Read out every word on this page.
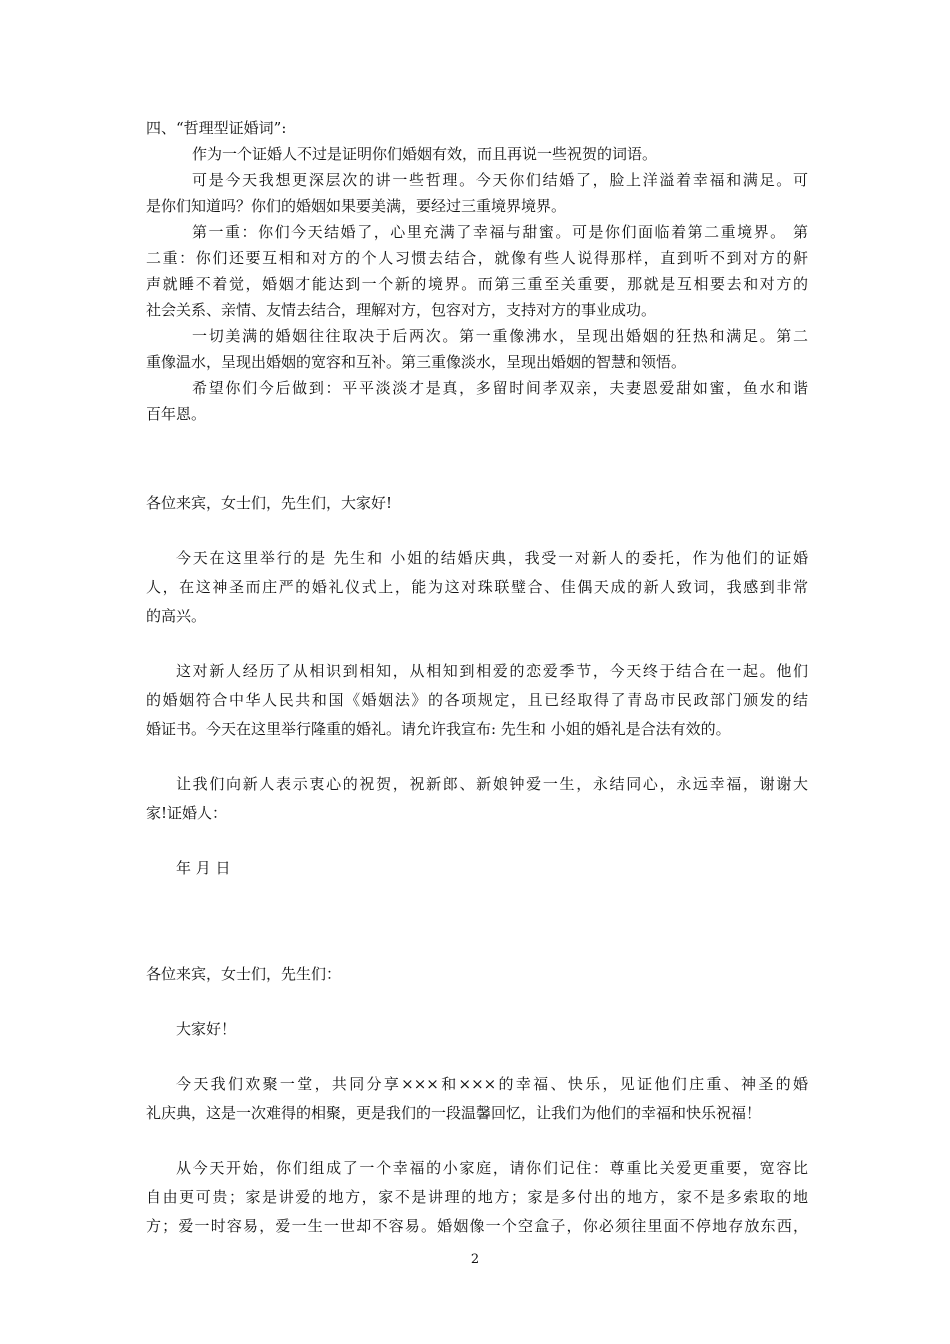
四、“哲理型证婚词”:
作为一个证婚人不过是证明你们婚姻有效，而且再说一些祝贺的词语。
可是今天我想更深层次的讲一些哲理。今天你们结婚了，脸上洋溢着幸福和满足。可
是你们知道吗？你们的婚姻如果要美满，要经过三重境界境界。
第一重：你们今天结婚了，心里充满了幸福与甜蜜。可是你们面临着第二重境界。 第
二重：你们还要互相和对方的个人习惯去结合，就像有些人说得那样，直到听不到对方的鼾
声就睡不着觉，婚姻才能达到一个新的境界。而第三重至关重要，那就是互相要去和对方的
社会关系、亲情、友情去结合，理解对方，包容对方，支持对方的事业成功。
一切美满的婚姻往往取决于后两次。第一重像沸水，呈现出婚姻的狂热和满足。第二
重像温水，呈现出婚姻的宽容和互补。第三重像淡水，呈现出婚姻的智慧和领悟。
希望你们今后做到：平平淡淡才是真，多留时间孝双亲，夫妻恩爱甜如蜜，鱼水和谐
百年恩。
各位来宾，女士们，先生们，大家好!
今天在这里举行的是 先生和 小姐的结婚庆典，我受一对新人的委托，作为他们的证婚
人，在这神圣而庄严的婚礼仪式上，能为这对珠联璧合、佳偶天成的新人致词，我感到非常
的高兴。
这对新人经历了从相识到相知，从相知到相爱的恋爱季节，今天终于结合在一起。他们
的婚姻符合中华人民共和国《婚姻法》的各项规定，且已经取得了青岛市民政部门颁发的结
婚证书。今天在这里举行隆重的婚礼。请允许我宣布: 先生和 小姐的婚礼是合法有效的。
让我们向新人表示衷心的祝贺，祝新郎、新娘钟爱一生，永结同心，永远幸福，谢谢大
家!证婚人：
年 月 日
各位来宾，女士们，先生们：
大家好！
今天我们欢聚一堂，共同分享×××和×××的幸福、快乐，见证他们庄重、神圣的婚
礼庆典，这是一次难得的相聚，更是我们的一段温馨回忆，让我们为他们的幸福和快乐祝福！
从今天开始，你们组成了一个幸福的小家庭，请你们记住：尊重比关爱更重要，宽容比
自由更可贵；家是讲爱的地方，家不是讲理的地方；家是多付出的地方，家不是多索取的地
方；爱一时容易，爱一生一世却不容易。婚姻像一个空盒子，你必须往里面不停地存放东西，
2
